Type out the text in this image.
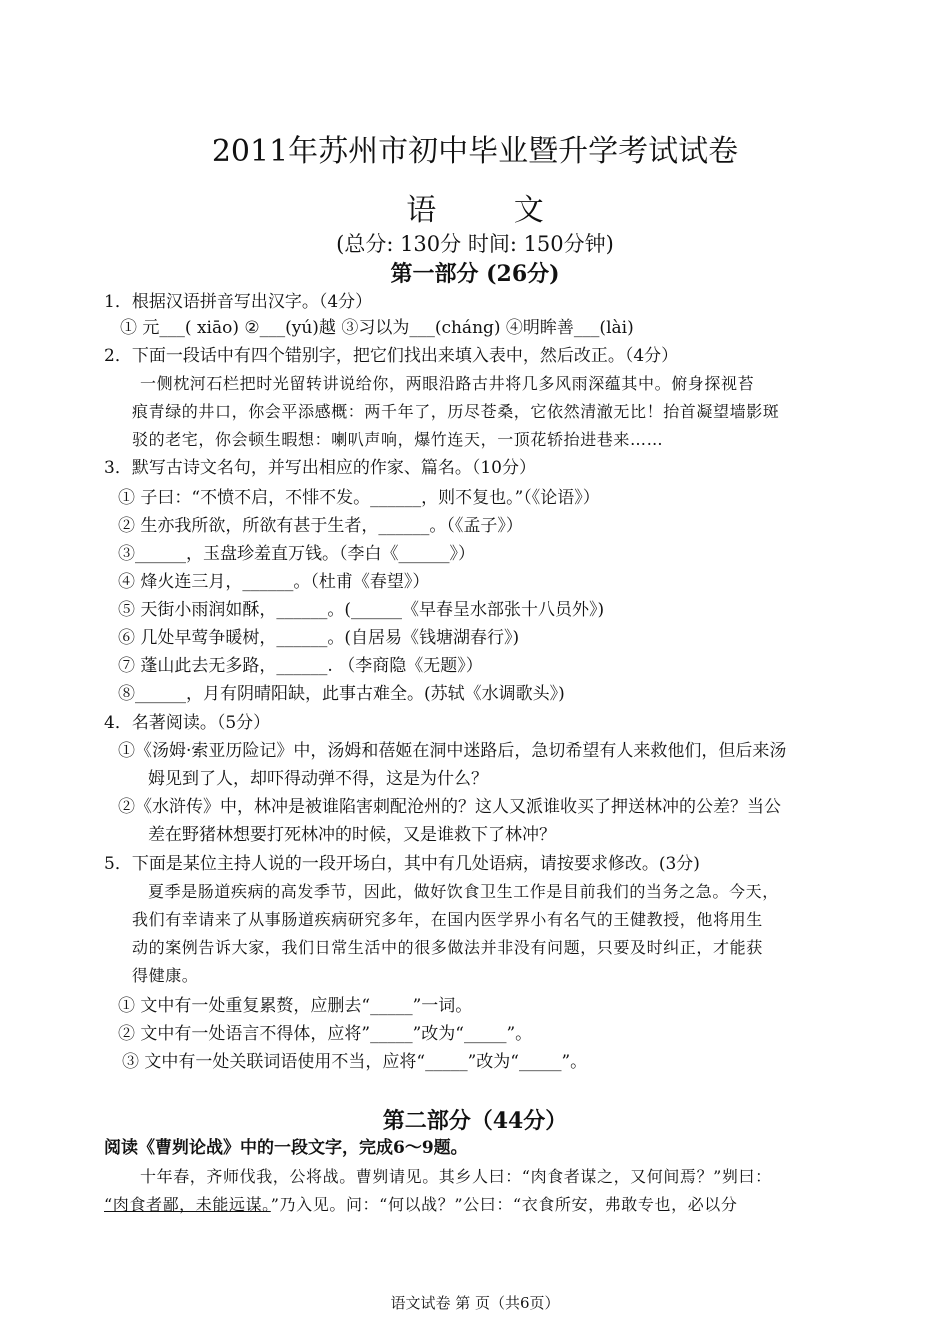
2011年苏州市初中毕业暨升学考试试卷
语 文
(总分: 130分 时间: 150分钟)
第一部分 (26分)
1．根据汉语拼音写出汉字。（4分）
① 元___( xiāo) ②___(yú)越 ③习以为___(cháng) ④明眸善___(lài)
2．下面一段话中有四个错别字，把它们找出来填入表中，然后改正。（4分）
一侧枕河石栏把时光留转讲说给你，两眼沿路古井将几多风雨深蕴其中。俯身探视苔
痕青绿的井口，你会平添感概：两千年了，历尽苍桑，它依然清澈无比！抬首凝望墙影斑
驳的老宅，你会顿生暇想：喇叭声响，爆竹连天，一顶花轿抬进巷来……
3．默写古诗文名句，并写出相应的作家、篇名。（10分）
① 子曰：“不愤不启，不悱不发。______，则不复也。”（《论语》）
② 生亦我所欲，所欲有甚于生者，______。（《孟子》）
③______，玉盘珍羞直万钱。（李白《______》）
④ 烽火连三月，______。（杜甫《春望》）
⑤ 天街小雨润如酥，______。(______《早春呈水部张十八员外》)
⑥ 几处早莺争暖树，______。(自居易《钱塘湖春行》)
⑦ 蓬山此去无多路，______. （李商隐《无题》）
⑧______，月有阴晴阳缺，此事古难全。(苏轼《水调歌头》)
4．名著阅读。（5分）
①《汤姆·索亚历险记》中，汤姆和蓓姬在洞中迷路后，急切希望有人来救他们，但后来汤
姆见到了人，却吓得动弹不得，这是为什么？
②《水浒传》中，林冲是被谁陷害刺配沧州的？这人又派谁收买了押送林冲的公差？当公
差在野猪林想要打死林冲的时候，又是谁救下了林冲？
5．下面是某位主持人说的一段开场白，其中有几处语病，请按要求修改。(3分)
夏季是肠道疾病的高发季节，因此，做好饮食卫生工作是目前我们的当务之急。今天，
我们有幸请来了从事肠道疾病研究多年，在国内医学界小有名气的王健教授，他将用生
动的案例告诉大家，我们日常生活中的很多做法并非没有问题，只要及时纠正，才能获
得健康。
① 文中有一处重复累赘，应删去“_____”一词。
② 文中有一处语言不得体，应将”_____”改为“_____”。
③ 文中有一处关联词语使用不当，应将“_____”改为“_____”。
第二部分（44分）
阅读《曹刿论战》中的一段文字，完成6～9题。
十年春，齐师伐我，公将战。曹刿请见。其乡人曰：“肉食者谋之，又何间焉？”刿曰：
“肉食者鄙，未能远谋。”乃入见。问：“何以战？”公曰：“衣食所安，弗敢专也，必以分
语文试卷 第 页（共6页）
